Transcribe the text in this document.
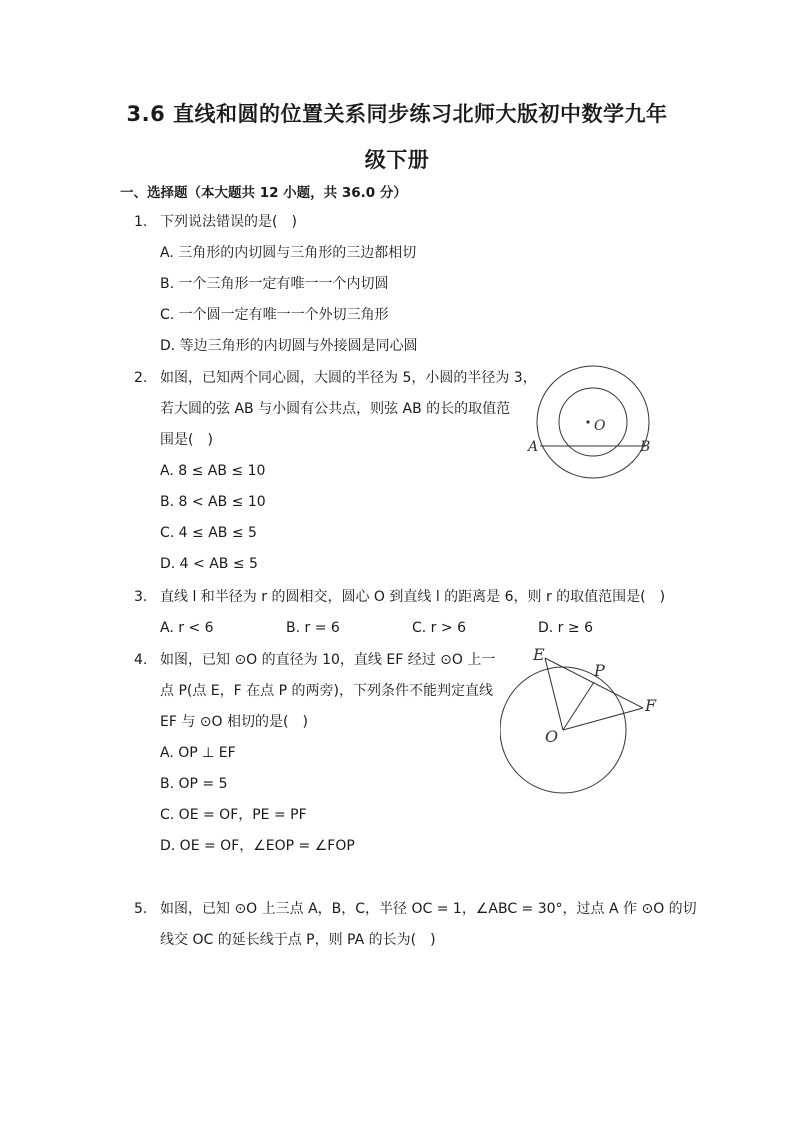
3.6 直线和圆的位置关系同步练习北师大版初中数学九年
级下册
一、选择题（本大题共 12 小题，共 36.0 分）
1. 下列说法错误的是(　)
A. 三角形的内切圆与三角形的三边都相切
B. 一个三角形一定有唯一一个内切圆
C. 一个圆一定有唯一一个外切三角形
D. 等边三角形的内切圆与外接圆是同心圆
2. 如图，已知两个同心圆，大圆的半径为 5，小圆的半径为 3，
若大圆的弦 AB 与小圆有公共点，则弦 AB 的长的取值范
围是(　)
A. 8 ≤ AB ≤ 10
B. 8 < AB ≤ 10
C. 4 ≤ AB ≤ 5
D. 4 < AB ≤ 5
O
A	B
3. 直线 l 和半径为 r 的圆相交，圆心 O 到直线 l 的距离是 6，则 r 的取值范围是(　)
A. r < 6	B. r = 6	C. r > 6	D. r ≥ 6
4. 如图，已知 ⊙O 的直径为 10，直线 EF 经过 ⊙O 上一
点 P(点 E，F 在点 P 的两旁)，下列条件不能判定直线
EF 与 ⊙O 相切的是(　)
A. OP ⊥ EF
B. OP = 5
C. OE = OF，PE = PF
D. OE = OF，∠EOP = ∠FOP
E
P
F
O
5. 如图，已知 ⊙O 上三点 A，B，C，半径 OC = 1，∠ABC = 30°，过点 A 作 ⊙O 的切
线交 OC 的延长线于点 P，则 PA 的长为(　)
